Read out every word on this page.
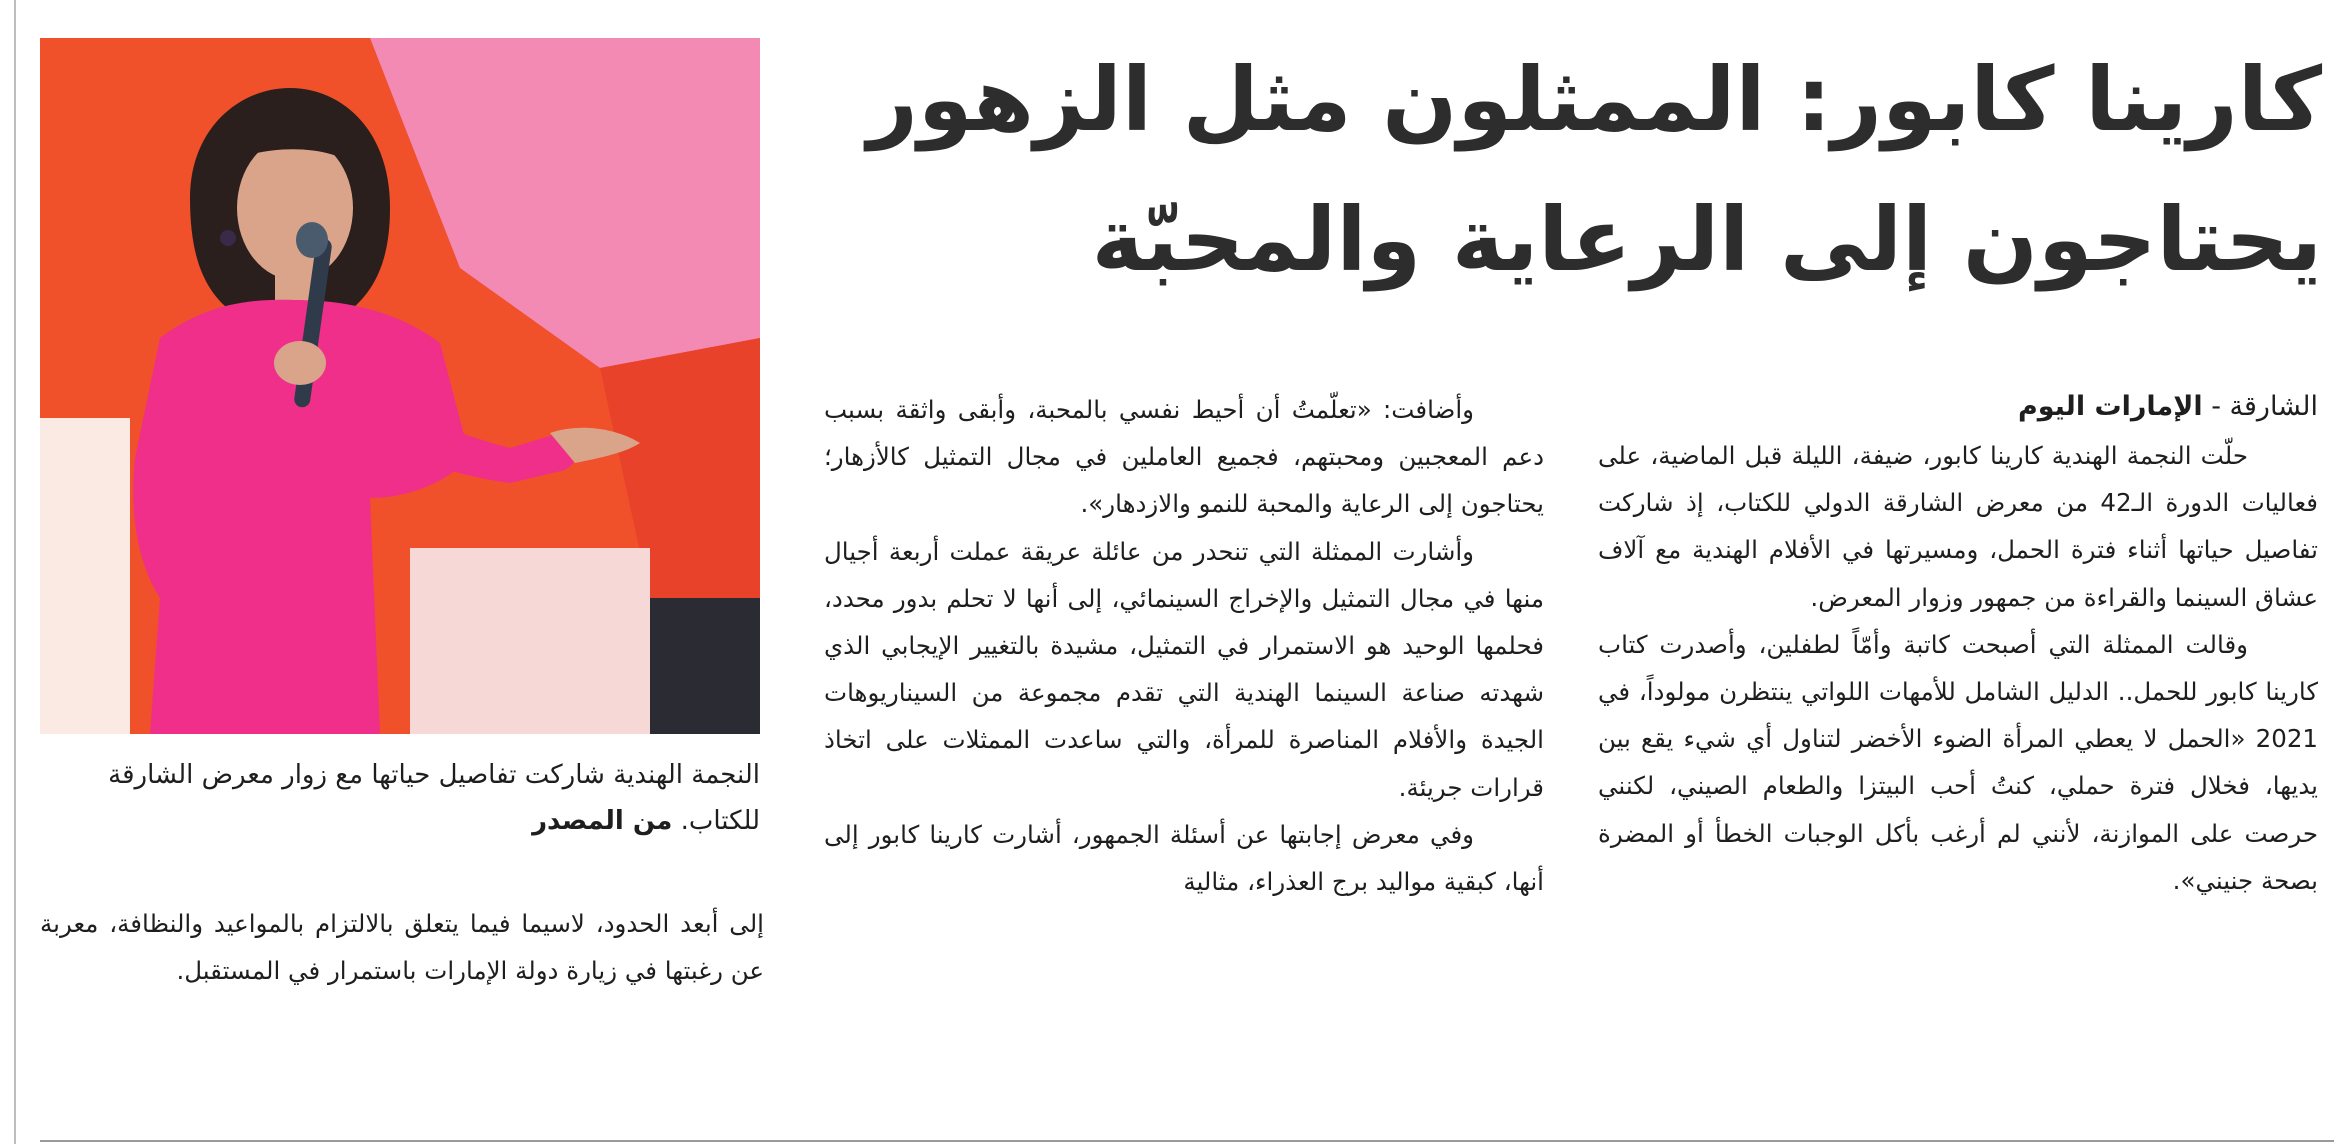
كارينا كابور: الممثلون مثل الزهور
يحتاجون إلى الرعاية والمحبّة

النجمة الهندية شاركت تفاصيل حياتها مع زوار معرض الشارقة للكتاب. من المصدر

الشارقة - الإمارات اليوم

حلّت النجمة الهندية كارينا كابور، ضيفة، الليلة قبل الماضية، على فعاليات الدورة الـ42 من معرض الشارقة الدولي للكتاب، إذ شاركت تفاصيل حياتها أثناء فترة الحمل، ومسيرتها في الأفلام الهندية مع آلاف عشاق السينما والقراءة من جمهور وزوار المعرض.

وقالت الممثلة التي أصبحت كاتبة وأمّاً لطفلين، وأصدرت كتاب كارينا كابور للحمل.. الدليل الشامل للأمهات اللواتي ينتظرن مولوداً، في 2021 «الحمل لا يعطي المرأة الضوء الأخضر لتناول أي شيء يقع بين يديها، فخلال فترة حملي، كنتُ أحب البيتزا والطعام الصيني، لكنني حرصت على الموازنة، لأنني لم أرغب بأكل الوجبات الخطأ أو المضرة بصحة جنيني».

وأضافت: «تعلّمتُ أن أحيط نفسي بالمحبة، وأبقى واثقة بسبب دعم المعجبين ومحبتهم، فجميع العاملين في مجال التمثيل كالأزهار؛ يحتاجون إلى الرعاية والمحبة للنمو والازدهار».

وأشارت الممثلة التي تنحدر من عائلة عريقة عملت أربعة أجيال منها في مجال التمثيل والإخراج السينمائي، إلى أنها لا تحلم بدور محدد، فحلمها الوحيد هو الاستمرار في التمثيل، مشيدة بالتغيير الإيجابي الذي شهدته صناعة السينما الهندية التي تقدم مجموعة من السيناريوهات الجيدة والأفلام المناصرة للمرأة، والتي ساعدت الممثلات على اتخاذ قرارات جريئة.

وفي معرض إجابتها عن أسئلة الجمهور، أشارت كارينا كابور إلى أنها، كبقية مواليد برج العذراء، مثالية

إلى أبعد الحدود، لاسيما فيما يتعلق بالالتزام بالمواعيد والنظافة، معربة عن رغبتها في زيارة دولة الإمارات باستمرار في المستقبل.
